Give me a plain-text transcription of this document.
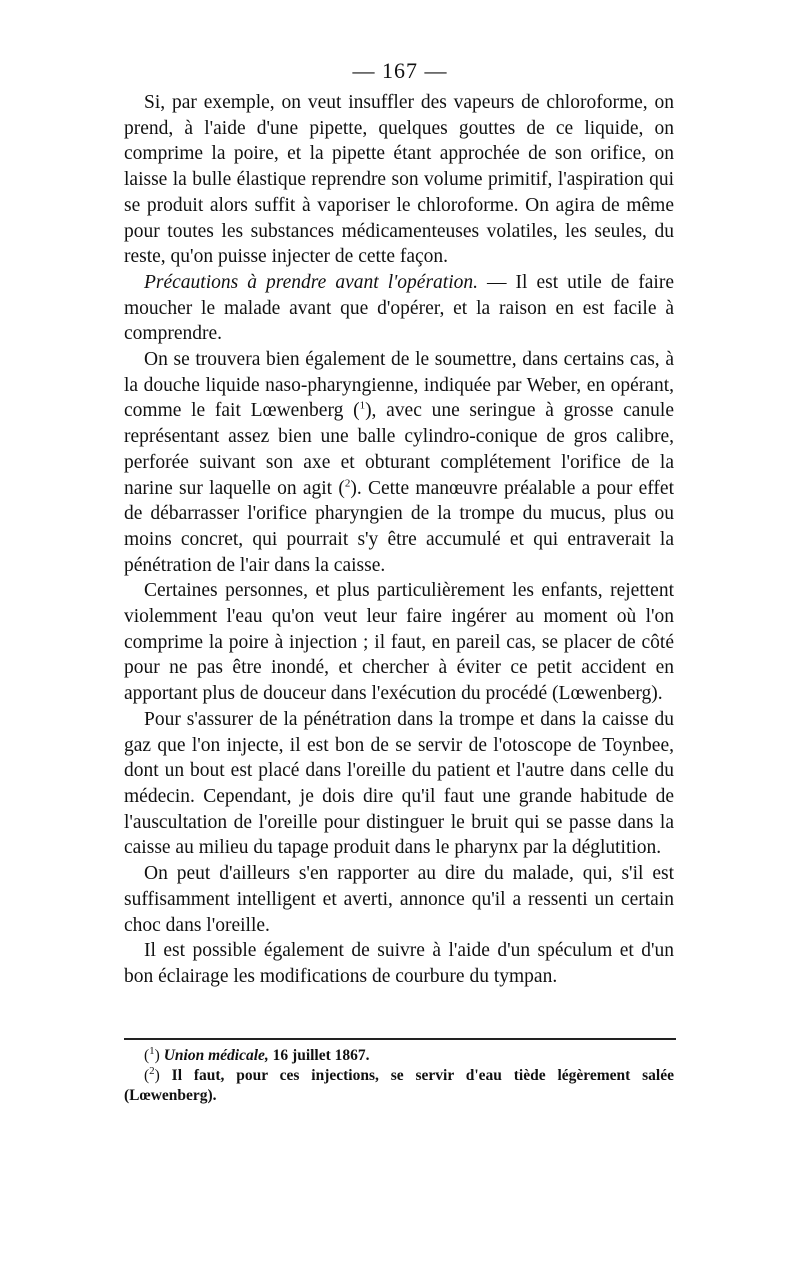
— 167 —

Si, par exemple, on veut insuffler des vapeurs de chloroforme, on prend, à l'aide d'une pipette, quelques gouttes de ce liquide, on comprime la poire, et la pipette étant approchée de son orifice, on laisse la bulle élastique reprendre son volume primitif, l'aspiration qui se produit alors suffit à vaporiser le chloroforme. On agira de même pour toutes les substances médicamenteuses volatiles, les seules, du reste, qu'on puisse injecter de cette façon.

Précautions à prendre avant l'opération. — Il est utile de faire moucher le malade avant que d'opérer, et la raison en est facile à comprendre.

On se trouvera bien également de le soumettre, dans certains cas, à la douche liquide naso-pharyngienne, indiquée par Weber, en opérant, comme le fait Lœwenberg ($^1$), avec une seringue à grosse canule représentant assez bien une balle cylindro-conique de gros calibre, perforée suivant son axe et obturant complétement l'orifice de la narine sur laquelle on agit ($^2$). Cette manœuvre préalable a pour effet de débarrasser l'orifice pharyngien de la trompe du mucus, plus ou moins concret, qui pourrait s'y être accumulé et qui entraverait la pénétration de l'air dans la caisse.

Certaines personnes, et plus particulièrement les enfants, rejettent violemment l'eau qu'on veut leur faire ingérer au moment où l'on comprime la poire à injection ; il faut, en pareil cas, se placer de côté pour ne pas être inondé, et chercher à éviter ce petit accident en apportant plus de douceur dans l'exécution du procédé (Lœwenberg).

Pour s'assurer de la pénétration dans la trompe et dans la caisse du gaz que l'on injecte, il est bon de se servir de l'otoscope de Toynbee, dont un bout est placé dans l'oreille du patient et l'autre dans celle du médecin. Cependant, je dois dire qu'il faut une grande habitude de l'auscultation de l'oreille pour distinguer le bruit qui se passe dans la caisse au milieu du tapage produit dans le pharynx par la déglutition.

On peut d'ailleurs s'en rapporter au dire du malade, qui, s'il est suffisamment intelligent et averti, annonce qu'il a ressenti un certain choc dans l'oreille.

Il est possible également de suivre à l'aide d'un spéculum et d'un bon éclairage les modifications de courbure du tympan.

($^1$) Union médicale, 16 juillet 1867.

($^2$) Il faut, pour ces injections, se servir d'eau tiède légèrement salée (Lœwenberg).
